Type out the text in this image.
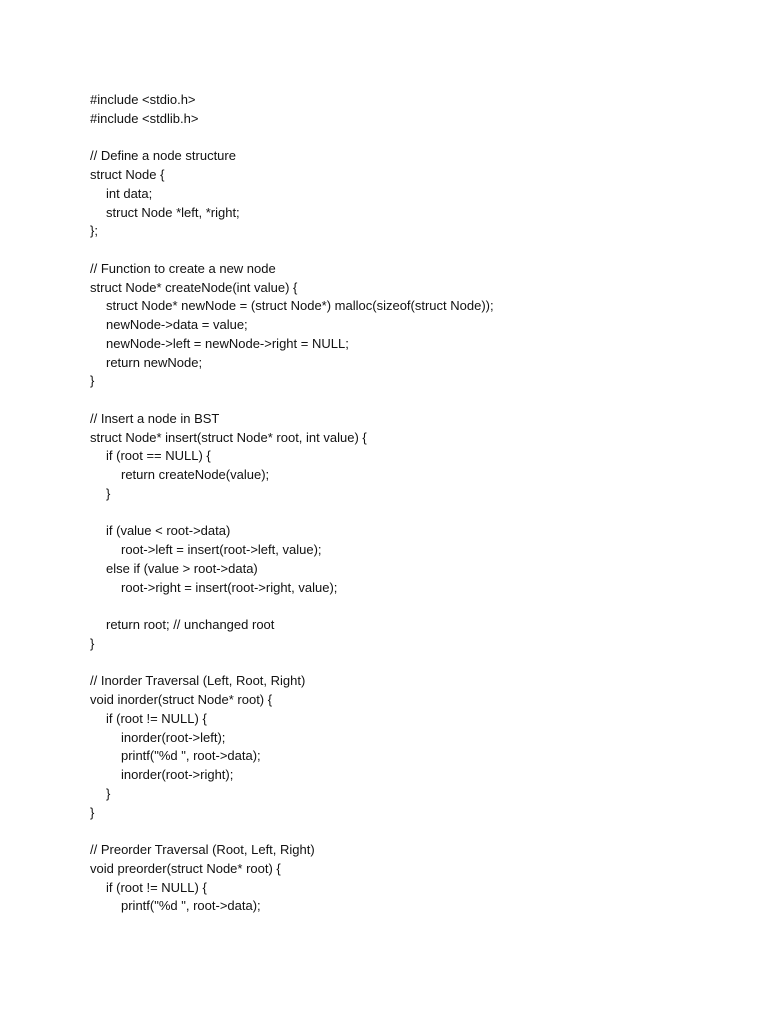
#include <stdio.h>
#include <stdlib.h>
// Define a node structure
struct Node {
int data;
struct Node *left, *right;
};
// Function to create a new node
struct Node* createNode(int value) {
struct Node* newNode = (struct Node*) malloc(sizeof(struct Node));
newNode->data = value;
newNode->left = newNode->right = NULL;
return newNode;
}
// Insert a node in BST
struct Node* insert(struct Node* root, int value) {
if (root == NULL) {
return createNode(value);
}
if (value < root->data)
root->left = insert(root->left, value);
else if (value > root->data)
root->right = insert(root->right, value);
return root; // unchanged root
}
// Inorder Traversal (Left, Root, Right)
void inorder(struct Node* root) {
if (root != NULL) {
inorder(root->left);
printf("%d ", root->data);
inorder(root->right);
}
}
// Preorder Traversal (Root, Left, Right)
void preorder(struct Node* root) {
if (root != NULL) {
printf("%d ", root->data);
